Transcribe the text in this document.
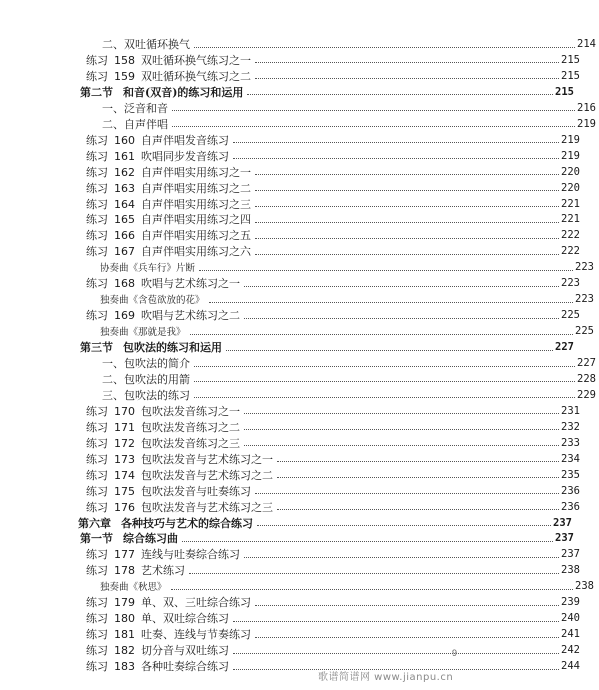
二、双吐循环换气	214
练习 158 双吐循环换气练习之一	215
练习 159 双吐循环换气练习之二	215
第二节 和音(双音)的练习和运用	215
一、泛音和音	216
二、自声伴唱	219
练习 160 自声伴唱发音练习	219
练习 161 吹唱同步发音练习	219
练习 162 自声伴唱实用练习之一	220
练习 163 自声伴唱实用练习之二	220
练习 164 自声伴唱实用练习之三	221
练习 165 自声伴唱实用练习之四	221
练习 166 自声伴唱实用练习之五	222
练习 167 自声伴唱实用练习之六	222
协奏曲《兵车行》片断	223
练习 168 吹唱与艺术练习之一	223
独奏曲《含苞欲放的花》	223
练习 169 吹唱与艺术练习之二	225
独奏曲《那就是我》	225
第三节 包吹法的练习和运用	227
一、包吹法的简介	227
二、包吹法的用箭	228
三、包吹法的练习	229
练习 170 包吹法发音练习之一	231
练习 171 包吹法发音练习之二	232
练习 172 包吹法发音练习之三	233
练习 173 包吹法发音与艺术练习之一	234
练习 174 包吹法发音与艺术练习之二	235
练习 175 包吹法发音与吐奏练习	236
练习 176 包吹法发音与艺术练习之三	236
第六章 各种技巧与艺术的综合练习	237
第一节 综合练习曲	237
练习 177 连线与吐奏综合练习	237
练习 178 艺术练习	238
独奏曲《秋思》	238
练习 179 单、双、三吐综合练习	239
练习 180 单、双吐综合练习	240
练习 181 吐奏、连线与节奏练习	241
练习 182 切分音与双吐练习	242
练习 183 各种吐奏综合练习	244
9
歌谱简谱网 www.jianpu.cn
